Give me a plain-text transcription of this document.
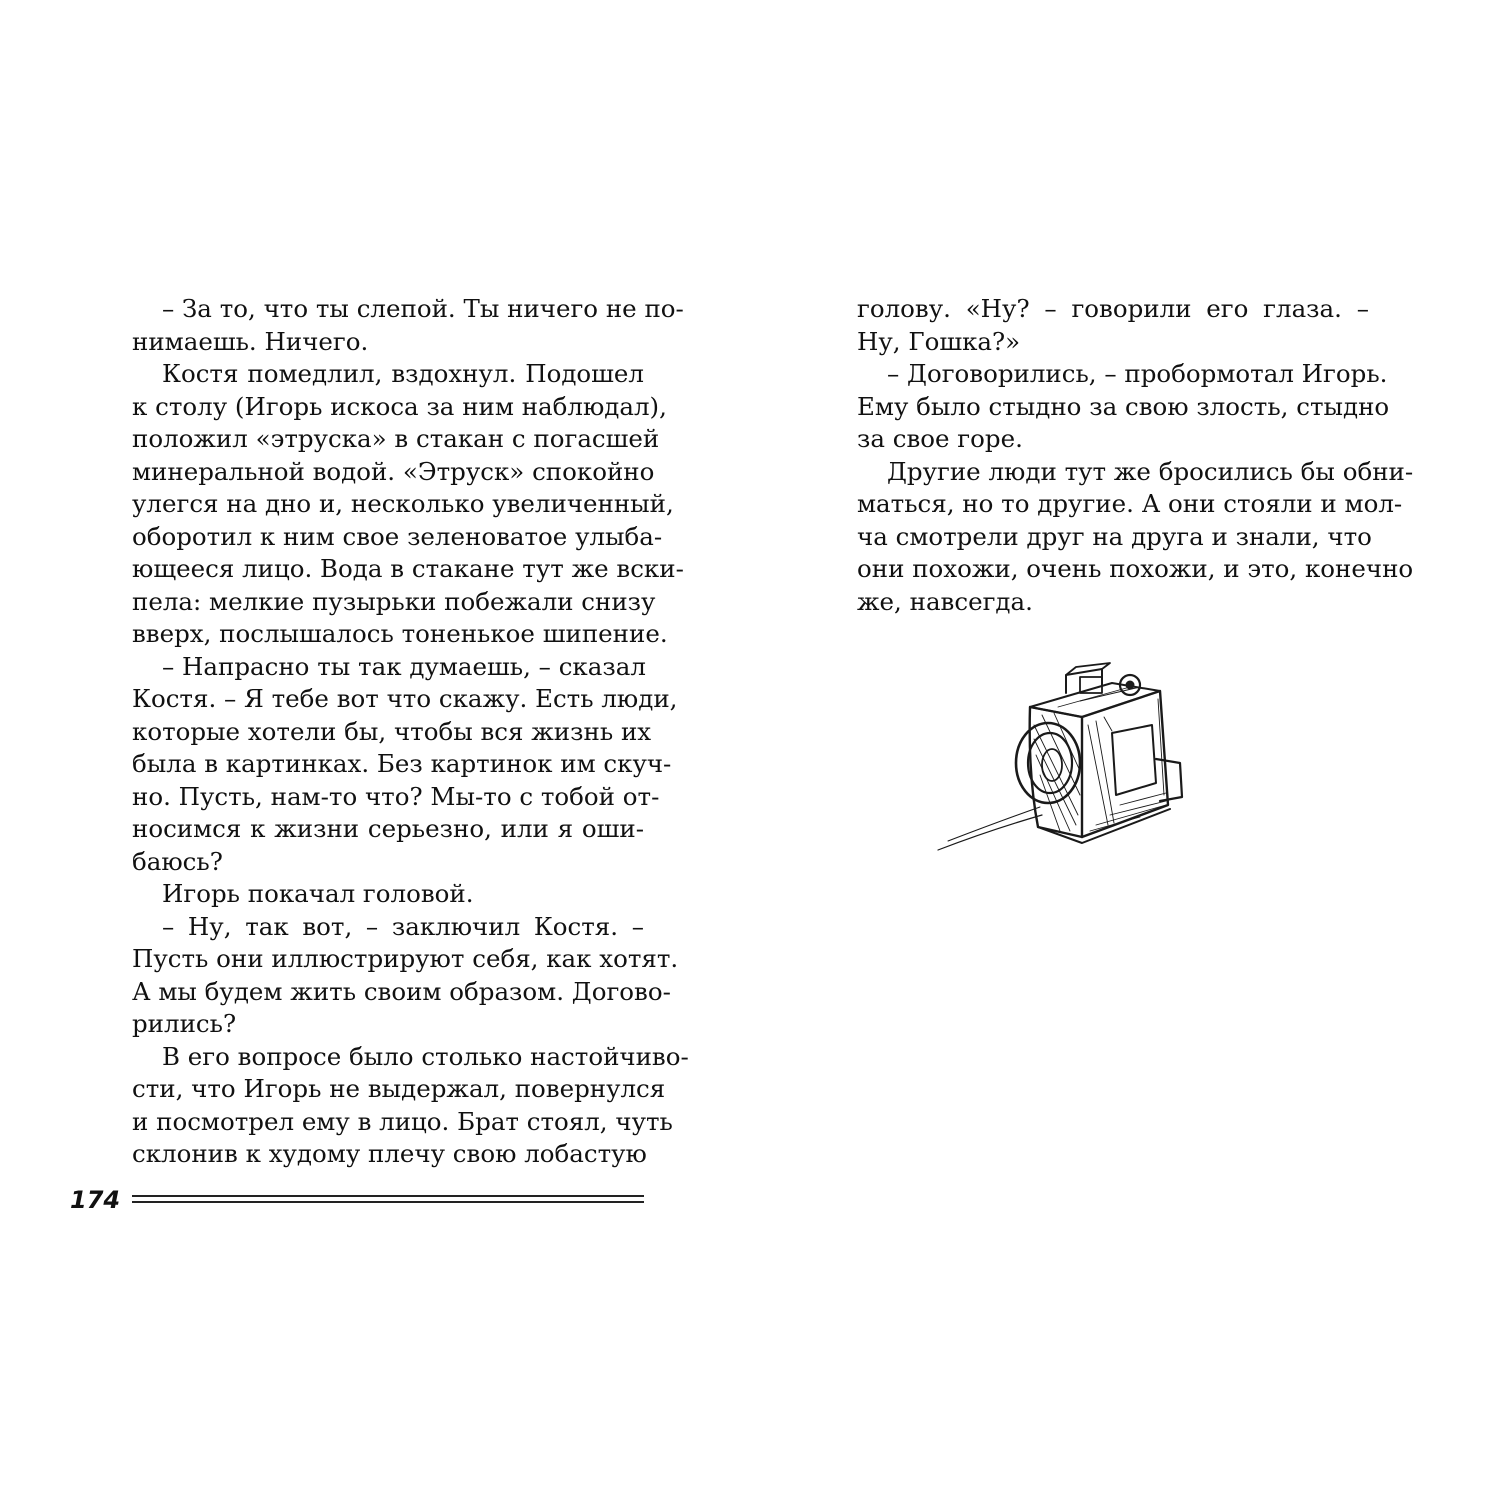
– За то, что ты слепой. Ты ничего не по-
нимаешь. Ничего.
Костя помедлил, вздохнул. Подошел
к столу (Игорь искоса за ним наблюдал),
положил «этруска» в стакан с погасшей
минеральной водой. «Этруск» спокойно
улегся на дно и, несколько увеличенный,
оборотил к ним свое зеленоватое улыба-
ющееся лицо. Вода в стакане тут же вски-
пела: мелкие пузырьки побежали снизу
вверх, послышалось тоненькое шипение.
– Напрасно ты так думаешь, – сказал
Костя. – Я тебе вот что скажу. Есть люди,
которые хотели бы, чтобы вся жизнь их
была в картинках. Без картинок им скуч-
но. Пусть, нам-то что? Мы-то с тобой от-
носимся к жизни серьезно, или я оши-
баюсь?
Игорь покачал головой.
– Ну, так вот, – заключил Костя. –
Пусть они иллюстрируют себя, как хотят.
А мы будем жить своим образом. Догово-
рились?
В его вопросе было столько настойчиво-
сти, что Игорь не выдержал, повернулся
и посмотрел ему в лицо. Брат стоял, чуть
склонив к худому плечу свою лобастую
голову. «Ну? – говорили его глаза. –
Ну, Гошка?»
– Договорились, – пробормотал Игорь.
Ему было стыдно за свою злость, стыдно
за свое горе.
Другие люди тут же бросились бы обни-
маться, но то другие. А они стояли и мол-
ча смотрели друг на друга и знали, что
они похожи, очень похожи, и это, конечно
же, навсегда.
174
